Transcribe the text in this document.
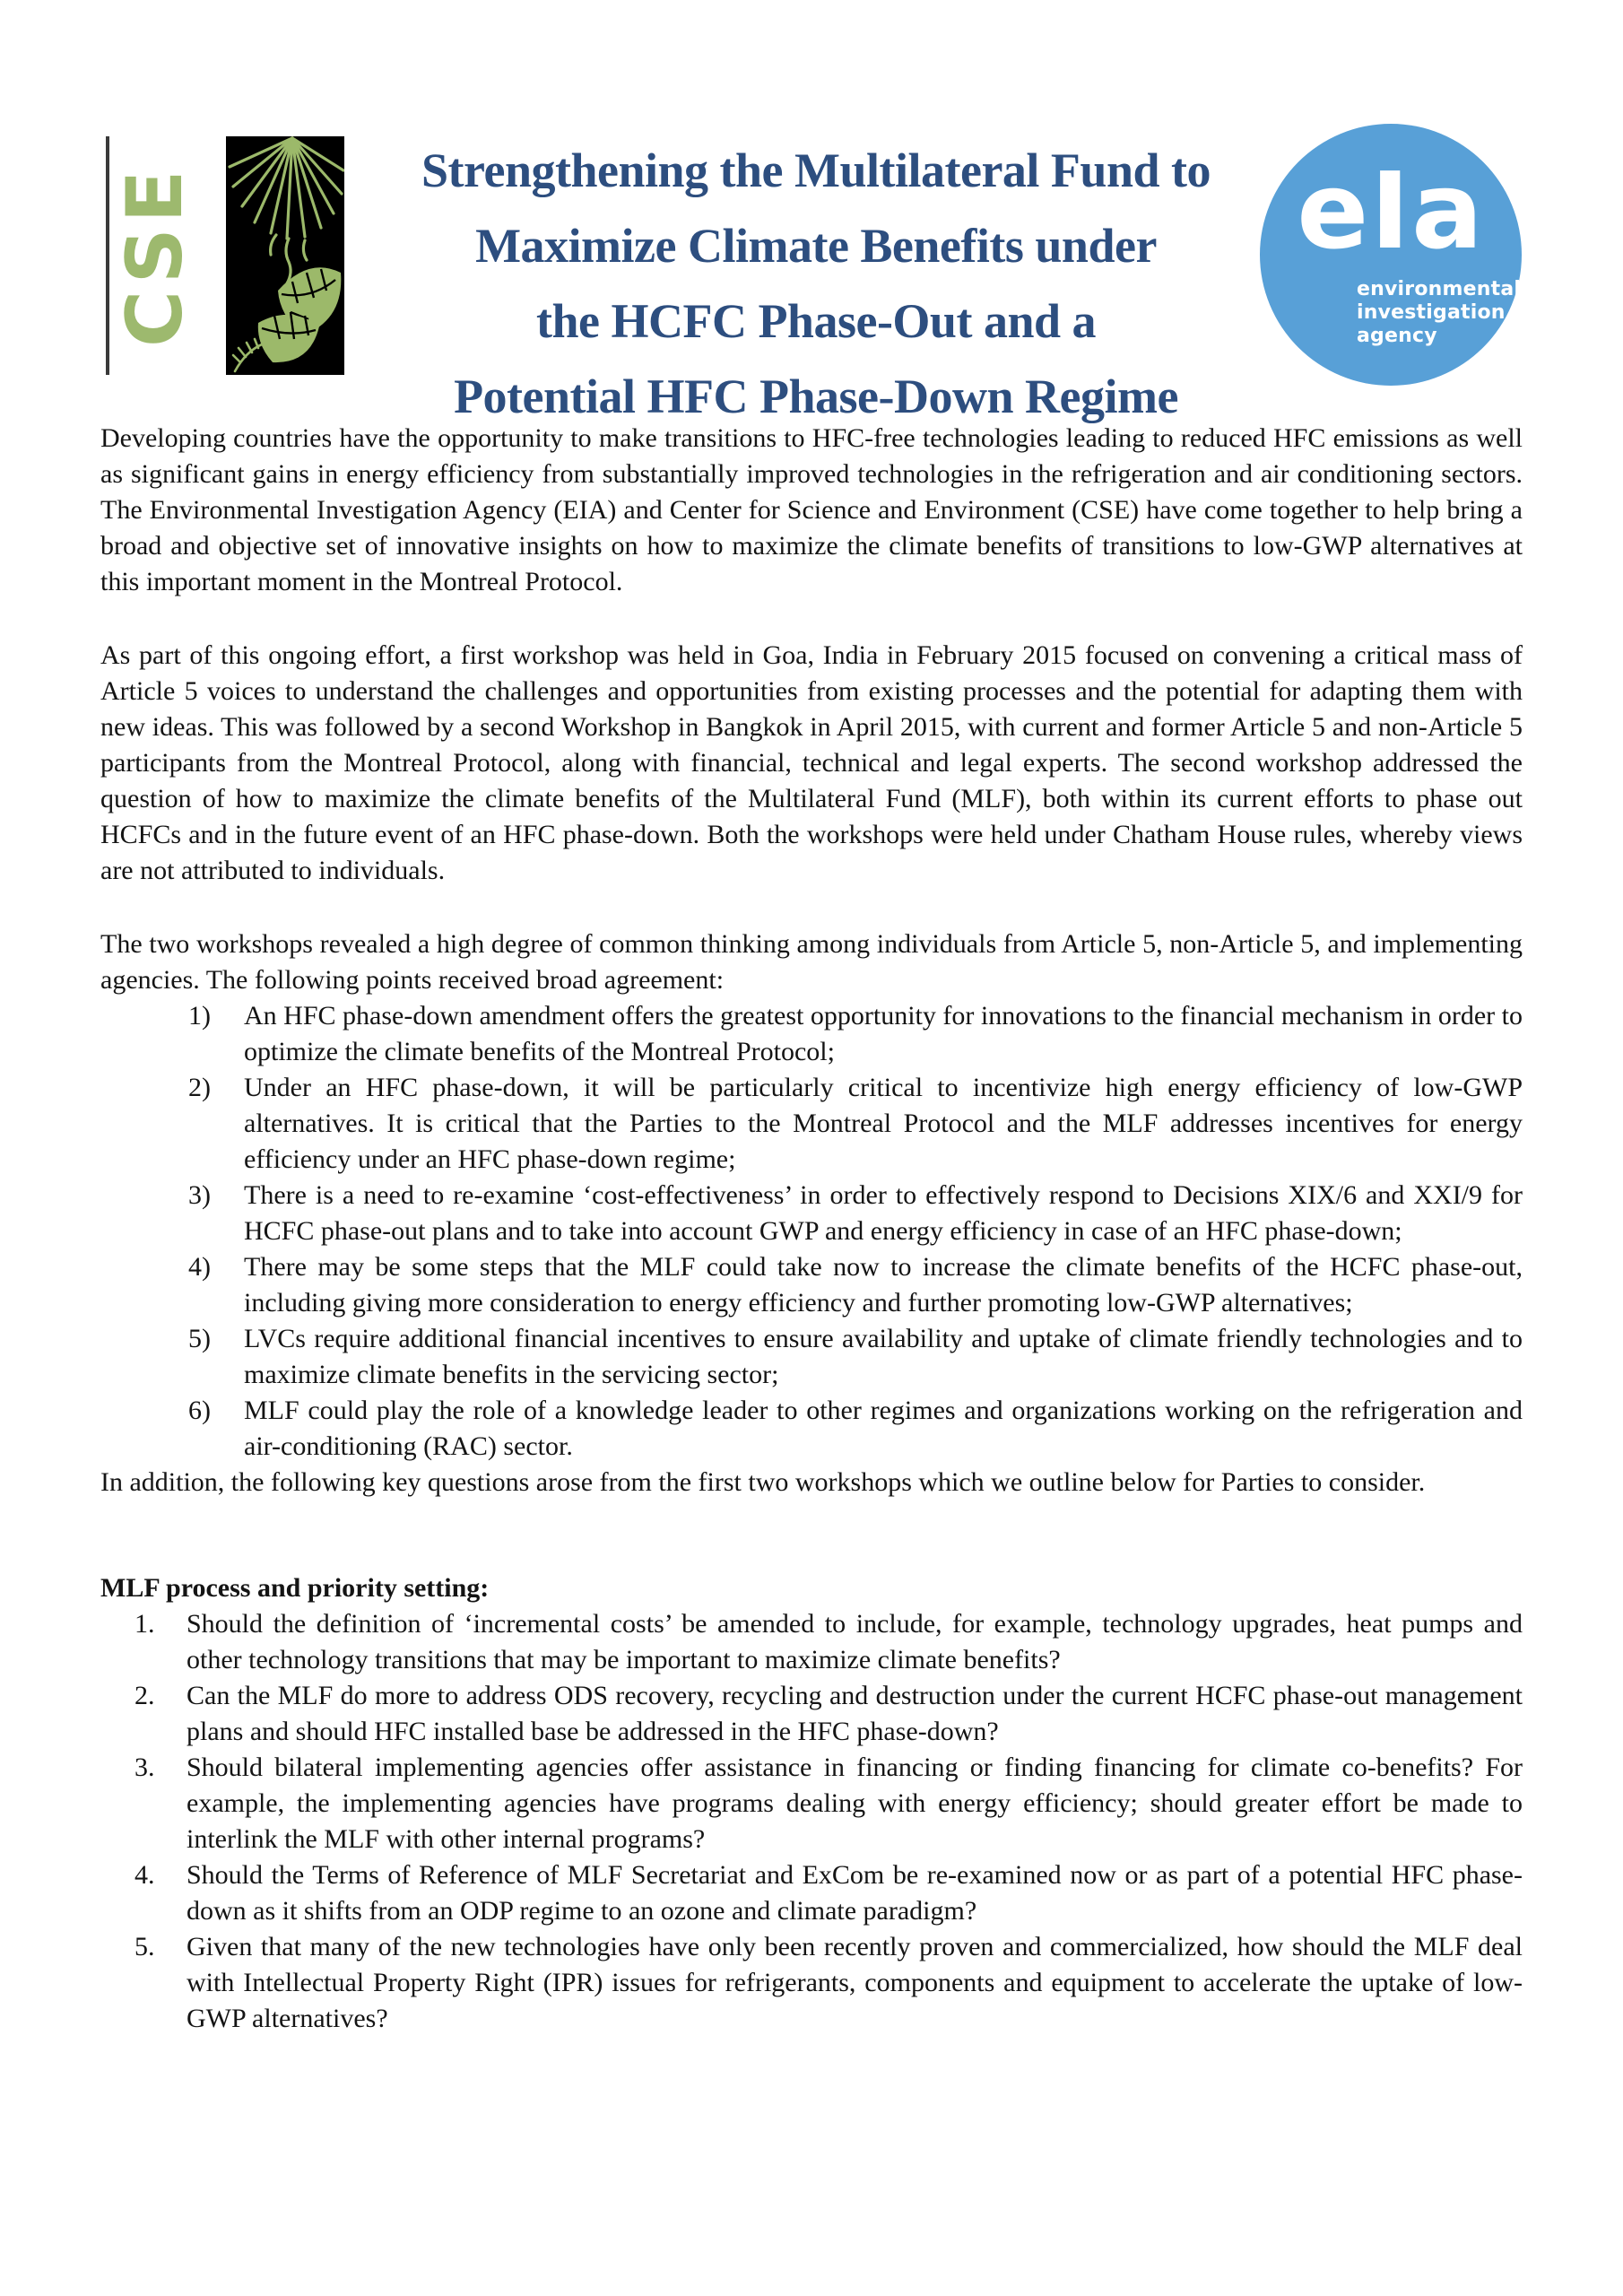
CSE	Strengthening the Multilateral Fund to
Maximize Climate Benefits under
the HCFC Phase-Out and a
Potential HFC Phase-Down Regime
eIa
environmental
investigation
agency

Developing countries have the opportunity to make transitions to HFC-free technologies leading to reduced HFC emissions as well as significant gains in energy efficiency from substantially improved technologies in the refrigeration and air conditioning sectors. The Environmental Investigation Agency (EIA) and Center for Science and Environment (CSE) have come together to help bring a broad and objective set of innovative insights on how to maximize the climate benefits of transitions to low-GWP alternatives at this important moment in the Montreal Protocol.

As part of this ongoing effort, a first workshop was held in Goa, India in February 2015 focused on convening a critical mass of Article 5 voices to understand the challenges and opportunities from existing processes and the potential for adapting them with new ideas. This was followed by a second Workshop in Bangkok in April 2015, with current and former Article 5 and non-Article 5 participants from the Montreal Protocol, along with financial, technical and legal experts. The second workshop addressed the question of how to maximize the climate benefits of the Multilateral Fund (MLF), both within its current efforts to phase out HCFCs and in the future event of an HFC phase-down. Both the workshops were held under Chatham House rules, whereby views are not attributed to individuals.

The two workshops revealed a high degree of common thinking among individuals from Article 5, non-Article 5, and implementing agencies. The following points received broad agreement:

1) An HFC phase-down amendment offers the greatest opportunity for innovations to the financial mechanism in order to optimize the climate benefits of the Montreal Protocol;
2) Under an HFC phase-down, it will be particularly critical to incentivize high energy efficiency of low-GWP alternatives. It is critical that the Parties to the Montreal Protocol and the MLF addresses incentives for energy efficiency under an HFC phase-down regime;
3) There is a need to re-examine ‘cost-effectiveness’ in order to effectively respond to Decisions XIX/6 and XXI/9 for HCFC phase-out plans and to take into account GWP and energy efficiency in case of an HFC phase-down;
4) There may be some steps that the MLF could take now to increase the climate benefits of the HCFC phase-out, including giving more consideration to energy efficiency and further promoting low-GWP alternatives;
5) LVCs require additional financial incentives to ensure availability and uptake of climate friendly technologies and to maximize climate benefits in the servicing sector;
6) MLF could play the role of a knowledge leader to other regimes and organizations working on the refrigeration and air-conditioning (RAC) sector.

In addition, the following key questions arose from the first two workshops which we outline below for Parties to consider.

MLF process and priority setting:
1. Should the definition of ‘incremental costs’ be amended to include, for example, technology upgrades, heat pumps and other technology transitions that may be important to maximize climate benefits?
2. Can the MLF do more to address ODS recovery, recycling and destruction under the current HCFC phase-out management plans and should HFC installed base be addressed in the HFC phase-down?
3. Should bilateral implementing agencies offer assistance in financing or finding financing for climate co-benefits? For example, the implementing agencies have programs dealing with energy efficiency; should greater effort be made to interlink the MLF with other internal programs?
4. Should the Terms of Reference of MLF Secretariat and ExCom be re-examined now or as part of a potential HFC phase-down as it shifts from an ODP regime to an ozone and climate paradigm?
5. Given that many of the new technologies have only been recently proven and commercialized, how should the MLF deal with Intellectual Property Right (IPR) issues for refrigerants, components and equipment to accelerate the uptake of low-GWP alternatives?
